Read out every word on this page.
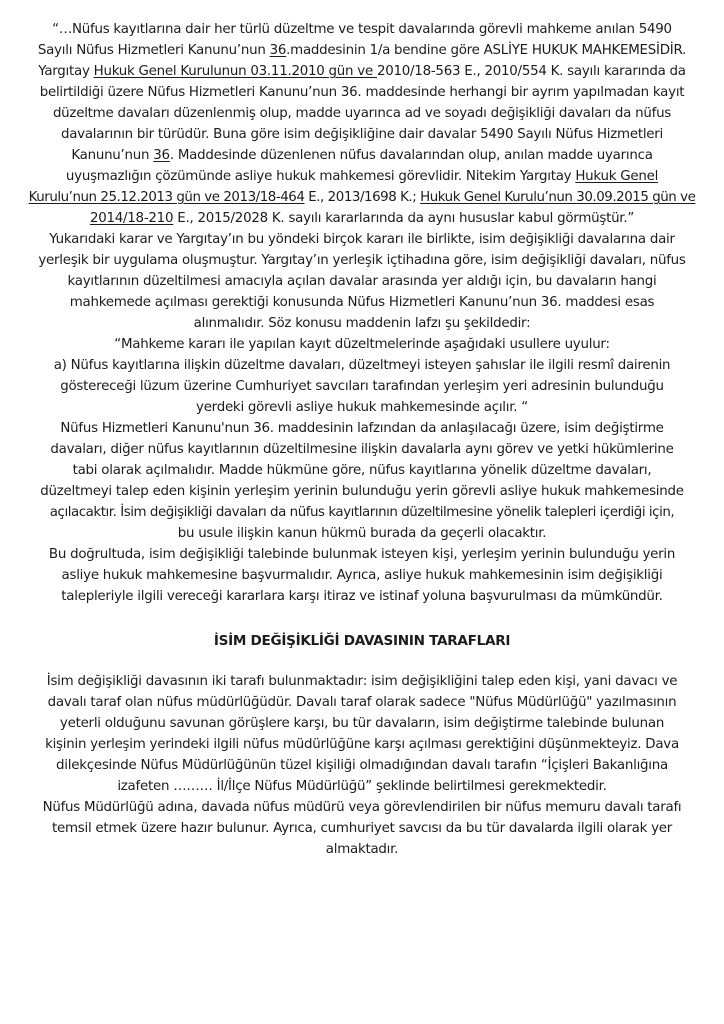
“…Nüfus kayıtlarına dair her türlü düzeltme ve tespit davalarında görevli mahkeme anılan 5490
Sayılı Nüfus Hizmetleri Kanunu’nun 36.maddesinin 1/a bendine göre ASLİYE HUKUK MAHKEMESİDİR.
Yargıtay Hukuk Genel Kurulunun 03.11.2010 gün ve 2010/18-563 E., 2010/554 K. sayılı kararında da
belirtildiği üzere Nüfus Hizmetleri Kanunu’nun 36. maddesinde herhangi bir ayrım yapılmadan kayıt
düzeltme davaları düzenlenmiş olup, madde uyarınca ad ve soyadı değişikliği davaları da nüfus
davalarının bir türüdür. Buna göre isim değişikliğine dair davalar 5490 Sayılı Nüfus Hizmetleri
Kanunu’nun 36. Maddesinde düzenlenen nüfus davalarından olup, anılan madde uyarınca
uyuşmazlığın çözümünde asliye hukuk mahkemesi görevlidir. Nitekim Yargıtay Hukuk Genel
Kurulu’nun 25.12.2013 gün ve 2013/18-464 E., 2013/1698 K.; Hukuk Genel Kurulu’nun 30.09.2015 gün ve
2014/18-210 E., 2015/2028 K. sayılı kararlarında da aynı hususlar kabul görmüştür.”
Yukarıdaki karar ve Yargıtay’ın bu yöndeki birçok kararı ile birlikte, isim değişikliği davalarına dair
yerleşik bir uygulama oluşmuştur. Yargıtay’ın yerleşik içtihadına göre, isim değişikliği davaları, nüfus
kayıtlarının düzeltilmesi amacıyla açılan davalar arasında yer aldığı için, bu davaların hangi
mahkemede açılması gerektiği konusunda Nüfus Hizmetleri Kanunu’nun 36. maddesi esas
alınmalıdır. Söz konusu maddenin lafzı şu şekildedir:
“Mahkeme kararı ile yapılan kayıt düzeltmelerinde aşağıdaki usullere uyulur:
a) Nüfus kayıtlarına ilişkin düzeltme davaları, düzeltmeyi isteyen şahıslar ile ilgili resmî dairenin
göstereceği lüzum üzerine Cumhuriyet savcıları tarafından yerleşim yeri adresinin bulunduğu
yerdeki görevli asliye hukuk mahkemesinde açılır. “
Nüfus Hizmetleri Kanunu'nun 36. maddesinin lafzından da anlaşılacağı üzere, isim değiştirme
davaları, diğer nüfus kayıtlarının düzeltilmesine ilişkin davalarla aynı görev ve yetki hükümlerine
tabi olarak açılmalıdır. Madde hükmüne göre, nüfus kayıtlarına yönelik düzeltme davaları,
düzeltmeyi talep eden kişinin yerleşim yerinin bulunduğu yerin görevli asliye hukuk mahkemesinde
açılacaktır. İsim değişikliği davaları da nüfus kayıtlarının düzeltilmesine yönelik talepleri içerdiği için,
bu usule ilişkin kanun hükmü burada da geçerli olacaktır.
Bu doğrultuda, isim değişikliği talebinde bulunmak isteyen kişi, yerleşim yerinin bulunduğu yerin
asliye hukuk mahkemesine başvurmalıdır. Ayrıca, asliye hukuk mahkemesinin isim değişikliği
talepleriyle ilgili vereceği kararlara karşı itiraz ve istinaf yoluna başvurulması da mümkündür.
İSİM DEĞİŞİKLİĞİ DAVASININ TARAFLARI
İsim değişikliği davasının iki tarafı bulunmaktadır: isim değişikliğini talep eden kişi, yani davacı ve
davalı taraf olan nüfus müdürlüğüdür. Davalı taraf olarak sadece "Nüfus Müdürlüğü" yazılmasının
yeterli olduğunu savunan görüşlere karşı, bu tür davaların, isim değiştirme talebinde bulunan
kişinin yerleşim yerindeki ilgili nüfus müdürlüğüne karşı açılması gerektiğini düşünmekteyiz. Dava
dilekçesinde Nüfus Müdürlüğünün tüzel kişiliği olmadığından davalı tarafın “İçişleri Bakanlığına
izafeten ……… İl/İlçe Nüfus Müdürlüğü” şeklinde belirtilmesi gerekmektedir.
Nüfus Müdürlüğü adına, davada nüfus müdürü veya görevlendirilen bir nüfus memuru davalı tarafı
temsil etmek üzere hazır bulunur. Ayrıca, cumhuriyet savcısı da bu tür davalarda ilgili olarak yer
almaktadır.
